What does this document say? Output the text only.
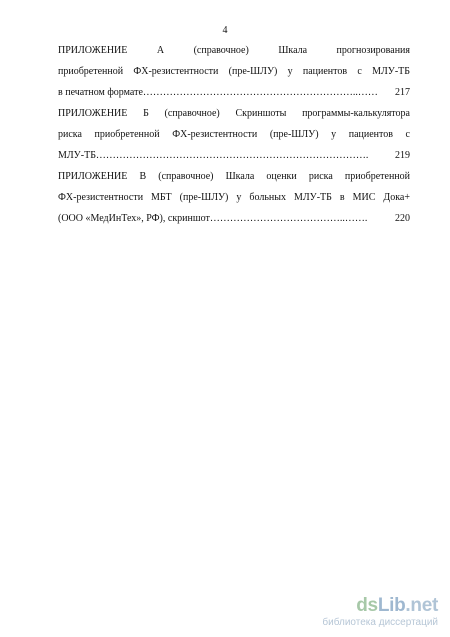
4
ПРИЛОЖЕНИЕ А (справочное) Шкала прогнозирования
приобретенной ФХ-резистентности (пре-ШЛУ) у пациентов с МЛУ-ТБ
в печатном формате………………………………………………………..……	217
ПРИЛОЖЕНИЕ Б (справочное) Скриншоты программы-калькулятора
риска приобретенной ФХ-резистентности (пре-ШЛУ) у пациентов с
МЛУ-ТБ……………………………………………………………………….	219
ПРИЛОЖЕНИЕ В (справочное) Шкала оценки риска приобретенной
ФХ-резистентности МБТ (пре-ШЛУ) у больных МЛУ-ТБ в МИС Дока+
(ООО «МедИнТех», РФ), скриншот…………………………………..…….	220
dsLib.net
библиотека диссертаций
